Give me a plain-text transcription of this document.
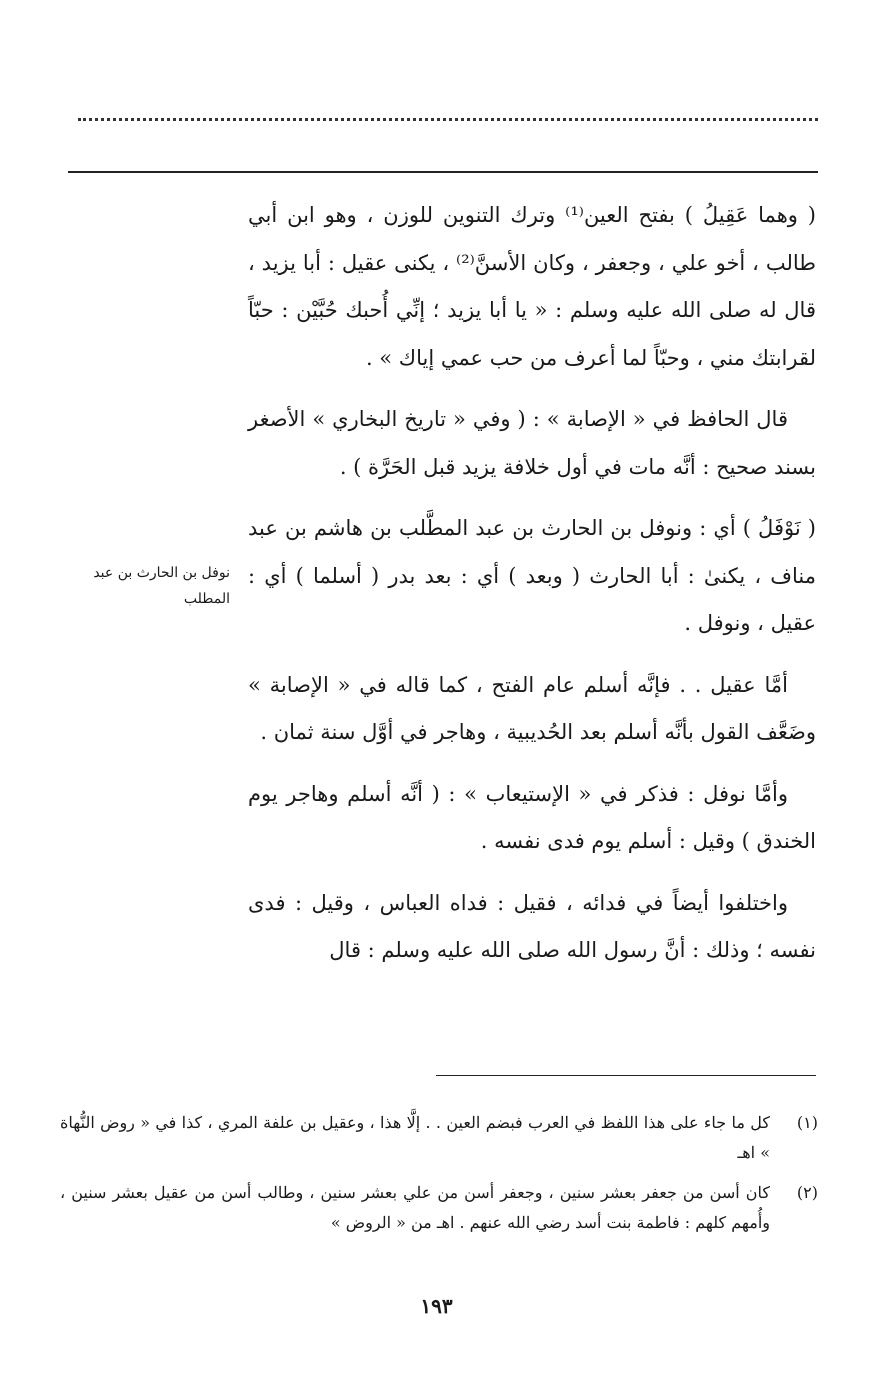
( وهما عَقِيلُ ) بفتح العين⁽¹⁾ وترك التنوين للوزن ، وهو ابن أبي طالب ، أخو علي ، وجعفر ، وكان الأسنَّ⁽²⁾ ، يكنى عقيل : أبا يزيد ، قال له صلى الله عليه وسلم : « يا أبا يزيد ؛ إنِّي أُحبك حُبَّيْن : حبّاً لقرابتك مني ، وحبّاً لما أعرف من حب عمي إياك » .

قال الحافظ في « الإصابة » : ( وفي « تاريخ البخاري » الأصغر بسند صحيح : أنَّه مات في أول خلافة يزيد قبل الحَرَّة ) .

( نَوْفَلُ ) أي : ونوفل بن الحارث بن عبد المطَّلب بن هاشم بن عبد مناف ، يكنىٰ : أبا الحارث ( وبعد ) أي : بعد بدر ( أسلما ) أي : عقيل ، ونوفل .

أمَّا عقيل . . فإنَّه أسلم عام الفتح ، كما قاله في « الإصابة » وضَعَّف القول بأنَّه أسلم بعد الحُديبية ، وهاجر في أوَّل سنة ثمان .

وأمَّا نوفل : فذكر في « الإستيعاب » : ( أنَّه أسلم وهاجر يوم الخندق ) وقيل : أسلم يوم فدى نفسه .

واختلفوا أيضاً في فدائه ، فقيل : فداه العباس ، وقيل : فدى نفسه ؛ وذلك : أنَّ رسول الله صلى الله عليه وسلم : قال

نوفل بن الحارث بن عبد المطلب
(١)
كل ما جاء على هذا اللفظ في العرب فبضم العين . . إلَّا هذا ، وعقيل بن علفة المري ، كذا في « روض النُّهاة » اهـ
(٢)
كان أسن من جعفر بعشر سنين ، وجعفر أسن من علي بعشر سنين ، وطالب أسن من عقيل بعشر سنين ، وأُمهم كلهم : فاطمة بنت أسد رضي الله عنهم . اهـ من « الروض »
١٩٣
